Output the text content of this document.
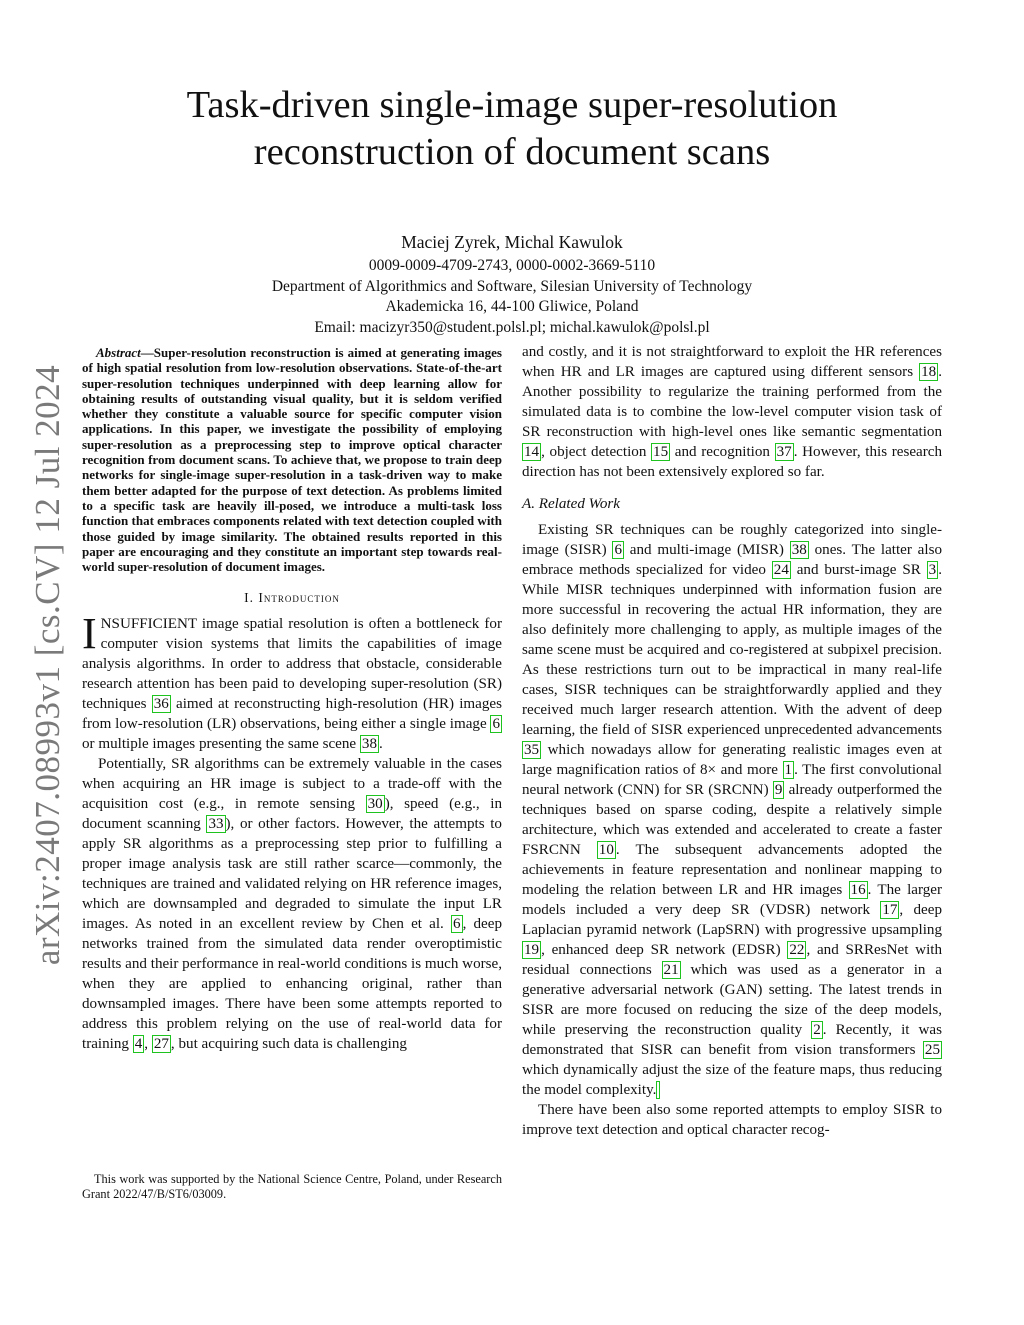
arXiv:2407.08993v1 [cs.CV] 12 Jul 2024
Task-driven single-image super-resolution
reconstruction of document scans
Maciej Zyrek, Michal Kawulok
0009-0009-4709-2743, 0000-0002-3669-5110
Department of Algorithmics and Software, Silesian University of Technology
Akademicka 16, 44-100 Gliwice, Poland
Email: macizyr350@student.polsl.pl; michal.kawulok@polsl.pl

Abstract—Super-resolution reconstruction is aimed at generating images of high spatial resolution from low-resolution observations. State-of-the-art super-resolution techniques underpinned with deep learning allow for obtaining results of outstanding visual quality, but it is seldom verified whether they constitute a valuable source for specific computer vision applications. In this paper, we investigate the possibility of employing super-resolution as a preprocessing step to improve optical character recognition from document scans. To achieve that, we propose to train deep networks for single-image super-resolution in a task-driven way to make them better adapted for the purpose of text detection. As problems limited to a specific task are heavily ill-posed, we introduce a multi-task loss function that embraces components related with text detection coupled with those guided by image similarity. The obtained results reported in this paper are encouraging and they constitute an important step towards real-world super-resolution of document images.

I. Introduction

INSUFFICIENT image spatial resolution is often a bottleneck for computer vision systems that limits the capabilities of image analysis algorithms. In order to address that obstacle, considerable research attention has been paid to developing super-resolution (SR) techniques 36 aimed at reconstructing high-resolution (HR) images from low-resolution (LR) observations, being either a single image 6 or multiple images presenting the same scene 38 .

Potentially, SR algorithms can be extremely valuable in the cases when acquiring an HR image is subject to a trade-off with the acquisition cost (e.g., in remote sensing 30 ), speed (e.g., in document scanning 33 ), or other factors. However, the attempts to apply SR algorithms as a preprocessing step prior to fulfilling a proper image analysis task are still rather scarce—commonly, the techniques are trained and validated relying on HR reference images, which are downsampled and degraded to simulate the input LR images. As noted in an excellent review by Chen et al. 6 , deep networks trained from the simulated data render overoptimistic results and their performance in real-world conditions is much worse, when they are applied to enhancing original, rather than downsampled images. There have been some attempts reported to address this problem relying on the use of real-world data for training 4 , 27 , but acquiring such data is challenging

This work was supported by the National Science Centre, Poland, under Research Grant 2022/47/B/ST6/03009.

and costly, and it is not straightforward to exploit the HR references when HR and LR images are captured using different sensors 18 . Another possibility to regularize the training performed from the simulated data is to combine the low-level computer vision task of SR reconstruction with high-level ones like semantic segmentation 14 , object detection 15 and recognition 37 . However, this research direction has not been extensively explored so far.

A. Related Work

Existing SR techniques can be roughly categorized into single-image (SISR) 6 and multi-image (MISR) 38 ones. The latter also embrace methods specialized for video 24 and burst-image SR 3 . While MISR techniques underpinned with information fusion are more successful in recovering the actual HR information, they are also definitely more challenging to apply, as multiple images of the same scene must be acquired and co-registered at subpixel precision. As these restrictions turn out to be impractical in many real-life cases, SISR techniques can be straightforwardly applied and they received much larger research attention. With the advent of deep learning, the field of SISR experienced unprecedented advancements 35 which nowadays allow for generating realistic images even at large magnification ratios of 8× and more 1 . The first convolutional neural network (CNN) for SR (SRCNN) 9 already outperformed the techniques based on sparse coding, despite a relatively simple architecture, which was extended and accelerated to create a faster FSRCNN 10 . The subsequent advancements adopted the achievements in feature representation and nonlinear mapping to modeling the relation between LR and HR images 16 . The larger models included a very deep SR (VDSR) network 17 , deep Laplacian pyramid network (LapSRN) with progressive upsampling 19 , enhanced deep SR network (EDSR) 22 , and SRResNet with residual connections 21 which was used as a generator in a generative adversarial network (GAN) setting. The latest trends in SISR are more focused on reducing the size of the deep models, while preserving the reconstruction quality 2 . Recently, it was demonstrated that SISR can benefit from vision transformers 25 which dynamically adjust the size of the feature maps, thus reducing the model complexity.

There have been also some reported attempts to employ SISR to improve text detection and optical character recog-
